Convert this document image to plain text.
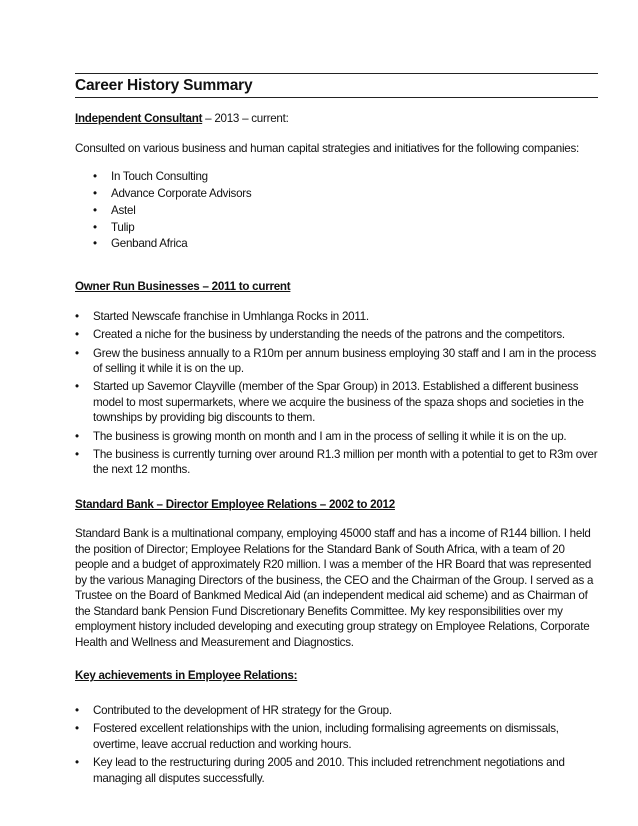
Career History Summary

Independent Consultant – 2013 – current:

Consulted on various business and human capital strategies and initiatives for the following companies:

• In Touch Consulting
• Advance Corporate Advisors
• Astel
• Tulip
• Genband Africa

Owner Run Businesses – 2011 to current

• Started Newscafe franchise in Umhlanga Rocks in 2011.
• Created a niche for the business by understanding the needs of the patrons and the competitors.
• Grew the business annually to a R10m per annum business employing 30 staff and I am in the process of selling it while it is on the up.
• Started up Savemor Clayville (member of the Spar Group) in 2013. Established a different business model to most supermarkets, where we acquire the business of the spaza shops and societies in the townships by providing big discounts to them.
• The business is growing month on month and I am in the process of selling it while it is on the up.
• The business is currently turning over around R1.3 million per month with a potential to get to R3m over the next 12 months.

Standard Bank – Director Employee Relations – 2002 to 2012

Standard Bank is a multinational company, employing 45000 staff and has a income of R144 billion. I held the position of Director; Employee Relations for the Standard Bank of South Africa, with a team of 20 people and a budget of approximately R20 million. I was a member of the HR Board that was represented by the various Managing Directors of the business, the CEO and the Chairman of the Group. I served as a Trustee on the Board of Bankmed Medical Aid (an independent medical aid scheme) and as Chairman of the Standard bank Pension Fund Discretionary Benefits Committee. My key responsibilities over my employment history included developing and executing group strategy on Employee Relations, Corporate Health and Wellness and Measurement and Diagnostics.

Key achievements in Employee Relations:

• Contributed to the development of HR strategy for the Group.
• Fostered excellent relationships with the union, including formalising agreements on dismissals, overtime, leave accrual reduction and working hours.
• Key lead to the restructuring during 2005 and 2010. This included retrenchment negotiations and managing all disputes successfully.
